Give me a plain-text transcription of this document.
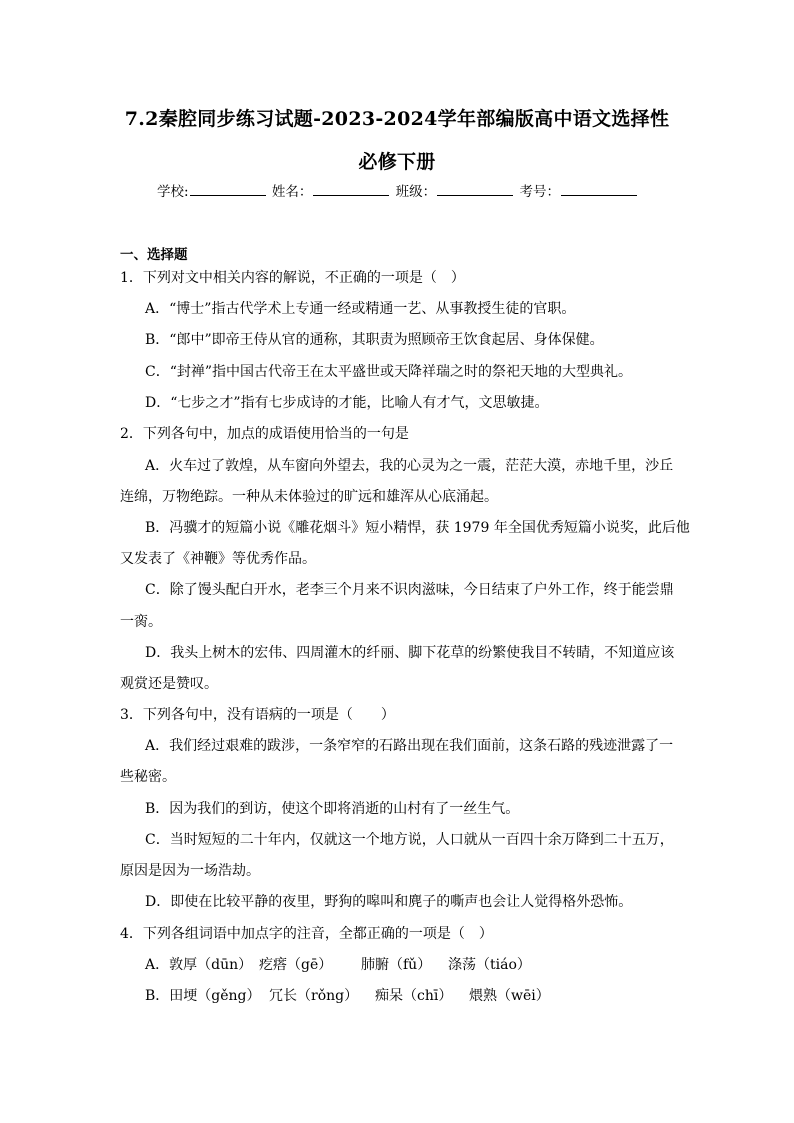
7.2秦腔同步练习试题-2023-2024学年部编版高中语文选择性
必修下册
学校:	姓名：	班级：	考号：
一、选择题
1．下列对文中相关内容的解说，不正确的一项是（　）
A．“博士”指古代学术上专通一经或精通一艺、从事教授生徒的官职。
B．“郎中”即帝王侍从官的通称，其职责为照顾帝王饮食起居、身体保健。
C．“封禅”指中国古代帝王在太平盛世或天降祥瑞之时的祭祀天地的大型典礼。
D．“七步之才”指有七步成诗的才能，比喻人有才气，文思敏捷。
2．下列各句中，加点的成语使用恰当的一句是
A．火车过了敦煌，从车窗向外望去，我的心灵为之一震，茫茫大漠，赤地千里，沙丘
连绵，万物绝踪。一种从未体验过的旷远和雄浑从心底涌起。
B．冯骥才的短篇小说《雕花烟斗》短小精悍，获 1979 年全国优秀短篇小说奖，此后他
又发表了《神鞭》等优秀作品。
C．除了馒头配白开水，老李三个月来不识肉滋味，今日结束了户外工作，终于能尝鼎
一脔。
D．我头上树木的宏伟、四周灌木的纤丽、脚下花草的纷繁使我目不转睛，不知道应该
观赏还是赞叹。
3．下列各句中，没有语病的一项是（　　）
A．我们经过艰难的跋涉，一条窄窄的石路出现在我们面前，这条石路的残迹泄露了一
些秘密。
B．因为我们的到访，使这个即将消逝的山村有了一丝生气。
C．当时短短的二十年内，仅就这一个地方说，人口就从一百四十余万降到二十五万，
原因是因为一场浩劫。
D．即使在比较平静的夜里，野狗的嗥叫和麂子的嘶声也会让人觉得格外恐怖。
4．下列各组词语中加点字的注音，全都正确的一项是（　）
A．敦厚（dūn） 疙瘩（gē） 肺腑（fǔ） 涤荡（tiáo）
B．田埂（gěng） 冗长（rǒng） 痴呆（chī） 煨熟（wēi）
